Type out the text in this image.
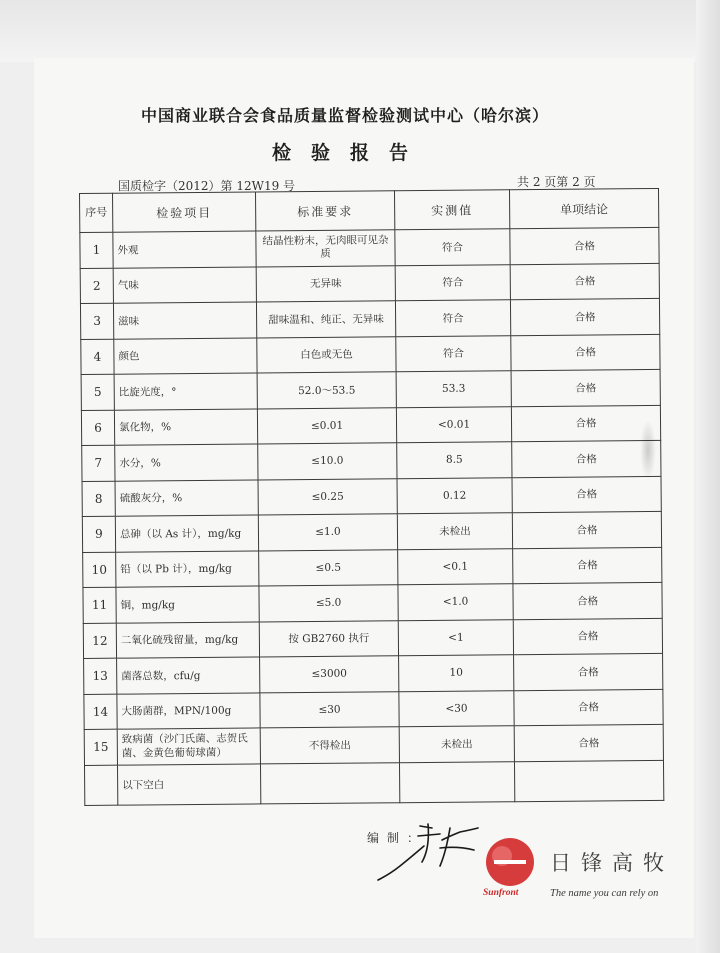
中国商业联合会食品质量监督检验测试中心（哈尔滨）
检验报告
国质检字（2012）第 12W19 号	共 2 页第 2 页
序号	检验项目	标准要求	实测值	单项结论
1	外观	结晶性粉末，无肉眼可见杂质	符合	合格
2	气味	无异味	符合	合格
3	滋味	甜味温和、纯正、无异味	符合	合格
4	颜色	白色或无色	符合	合格
5	比旋光度，°	52.0～53.5	53.3	合格
6	氯化物，%	≤0.01	<0.01	合格
7	水分，%	≤10.0	8.5	合格
8	硫酸灰分，%	≤0.25	0.12	合格
9	总砷（以 As 计），mg/kg	≤1.0	未检出	合格
10	铅（以 Pb 计），mg/kg	≤0.5	<0.1	合格
11	铜，mg/kg	≤5.0	<1.0	合格
12	二氧化硫残留量，mg/kg	按 GB2760 执行	<1	合格
13	菌落总数，cfu/g	≤3000	10	合格
14	大肠菌群，MPN/100g	≤30	<30	合格
15	致病菌（沙门氏菌、志贺氏菌、金黄色葡萄球菌）	不得检出	未检出	合格
	以下空白			
编制：
日锋高牧
Sunfront	The name you can rely on
